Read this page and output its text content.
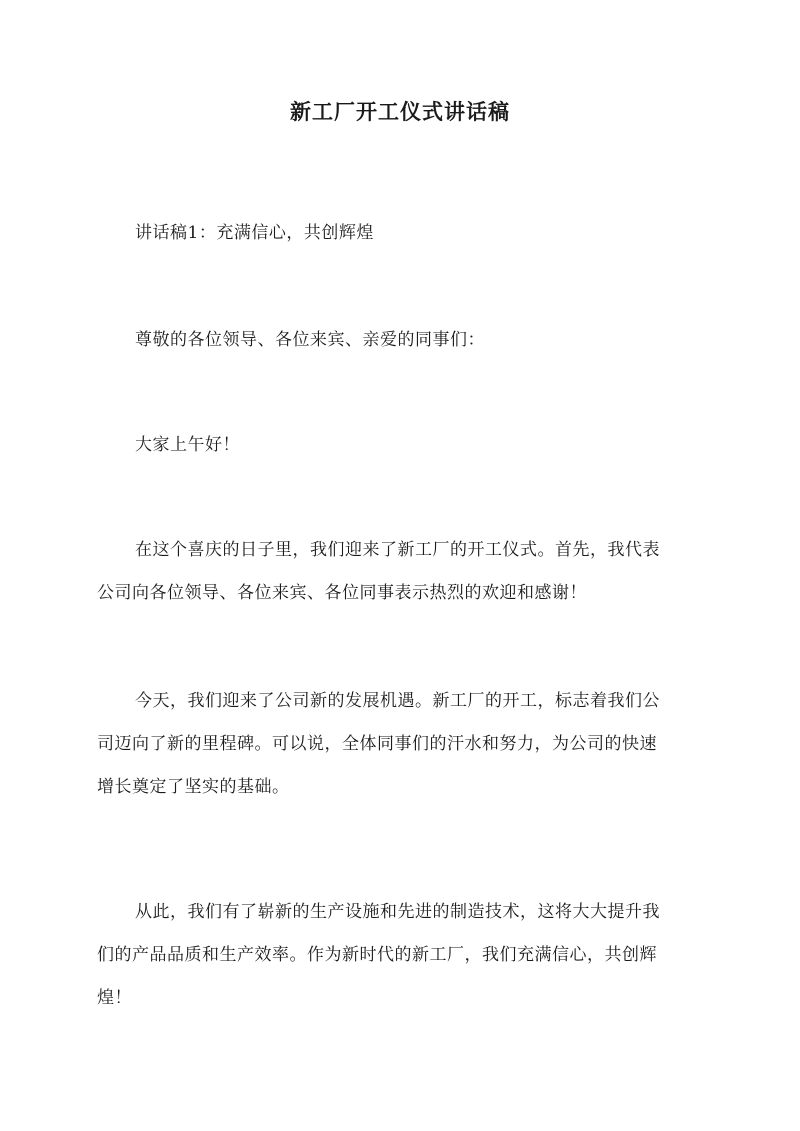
新工厂开工仪式讲话稿

讲话稿1：充满信心，共创辉煌

尊敬的各位领导、各位来宾、亲爱的同事们：

大家上午好！

在这个喜庆的日子里，我们迎来了新工厂的开工仪式。首先，我代表
公司向各位领导、各位来宾、各位同事表示热烈的欢迎和感谢！
今天，我们迎来了公司新的发展机遇。新工厂的开工，标志着我们公
司迈向了新的里程碑。可以说，全体同事们的汗水和努力，为公司的快速
增长奠定了坚实的基础。
从此，我们有了崭新的生产设施和先进的制造技术，这将大大提升我
们的产品品质和生产效率。作为新时代的新工厂，我们充满信心，共创辉
煌！
